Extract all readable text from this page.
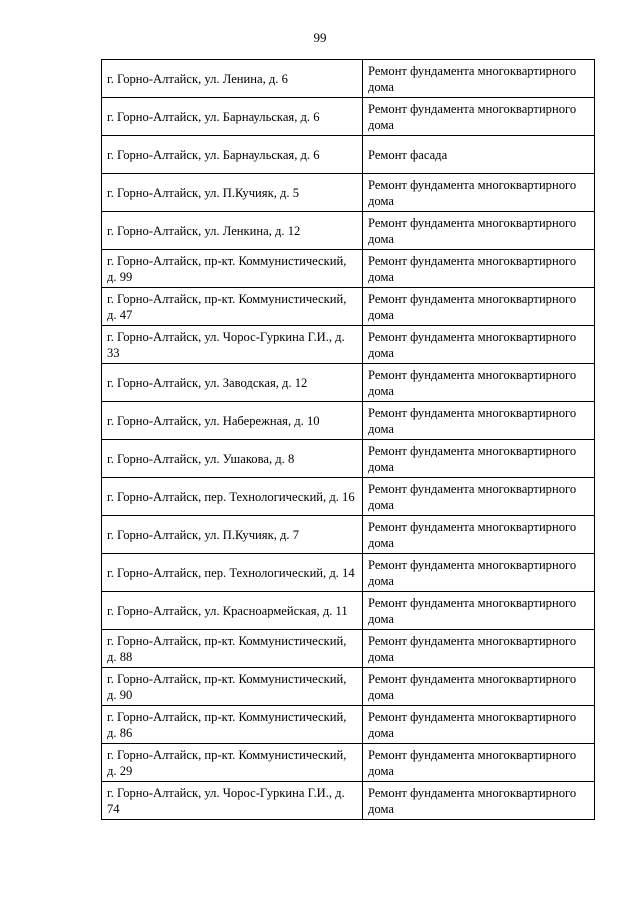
99
г. Горно-Алтайск, ул. Ленина, д. 6	Ремонт фундамента многоквартирного дома
г. Горно-Алтайск, ул. Барнаульская, д. 6	Ремонт фундамента многоквартирного дома
г. Горно-Алтайск, ул. Барнаульская, д. 6	Ремонт фасада
г. Горно-Алтайск, ул. П.Кучияк, д. 5	Ремонт фундамента многоквартирного дома
г. Горно-Алтайск, ул. Ленкина, д. 12	Ремонт фундамента многоквартирного дома
г. Горно-Алтайск, пр-кт. Коммунистический, д. 99	Ремонт фундамента многоквартирного дома
г. Горно-Алтайск, пр-кт. Коммунистический, д. 47	Ремонт фундамента многоквартирного дома
г. Горно-Алтайск, ул. Чорос-Гуркина Г.И., д. 33	Ремонт фундамента многоквартирного дома
г. Горно-Алтайск, ул. Заводская, д. 12	Ремонт фундамента многоквартирного дома
г. Горно-Алтайск, ул. Набережная, д. 10	Ремонт фундамента многоквартирного дома
г. Горно-Алтайск, ул. Ушакова, д. 8	Ремонт фундамента многоквартирного дома
г. Горно-Алтайск, пер. Технологический, д. 16	Ремонт фундамента многоквартирного дома
г. Горно-Алтайск, ул. П.Кучияк, д. 7	Ремонт фундамента многоквартирного дома
г. Горно-Алтайск, пер. Технологический, д. 14	Ремонт фундамента многоквартирного дома
г. Горно-Алтайск, ул. Красноармейская, д. 11	Ремонт фундамента многоквартирного дома
г. Горно-Алтайск, пр-кт. Коммунистический, д. 88	Ремонт фундамента многоквартирного дома
г. Горно-Алтайск, пр-кт. Коммунистический, д. 90	Ремонт фундамента многоквартирного дома
г. Горно-Алтайск, пр-кт. Коммунистический, д. 86	Ремонт фундамента многоквартирного дома
г. Горно-Алтайск, пр-кт. Коммунистический, д. 29	Ремонт фундамента многоквартирного дома
г. Горно-Алтайск, ул. Чорос-Гуркина Г.И., д. 74	Ремонт фундамента многоквартирного дома
